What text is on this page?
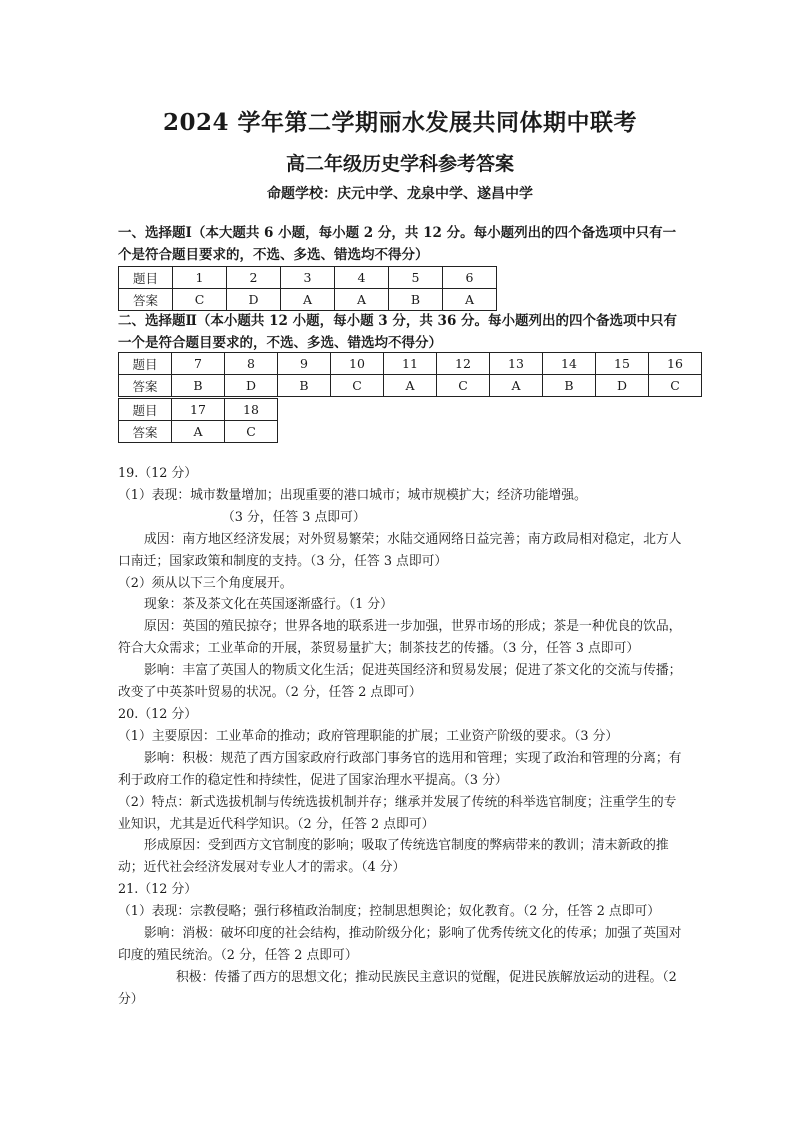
2024 学年第二学期丽水发展共同体期中联考
高二年级历史学科参考答案
命题学校：庆元中学、龙泉中学、遂昌中学
一、选择题Ⅰ（本大题共 6 小题，每小题 2 分，共 12 分。每小题列出的四个备选项中只有一个是符合题目要求的，不选、多选、错选均不得分）
题目	1	2	3	4	5	6
答案	C	D	A	A	B	A
二、选择题Ⅱ（本小题共 12 小题，每小题 3 分，共 36 分。每小题列出的四个备选项中只有一个是符合题目要求的，不选、多选、错选均不得分）
题目	7	8	9	10	11	12	13	14	15	16
答案	B	D	B	C	A	C	A	B	D	C
题目	17	18
答案	A	C

19.（12 分）

（1）表现：城市数量增加；出现重要的港口城市；城市规模扩大；经济功能增强。

（3 分，任答 3 点即可）

成因：南方地区经济发展；对外贸易繁荣；水陆交通网络日益完善；南方政局相对稳定，北方人口南迁；国家政策和制度的支持。（3 分，任答 3 点即可）

（2）须从以下三个角度展开。

现象：茶及茶文化在英国逐渐盛行。（1 分）

原因：英国的殖民掠夺；世界各地的联系进一步加强，世界市场的形成；茶是一种优良的饮品，符合大众需求；工业革命的开展，茶贸易量扩大；制茶技艺的传播。（3 分，任答 3 点即可）

影响：丰富了英国人的物质文化生活；促进英国经济和贸易发展；促进了茶文化的交流与传播；改变了中英茶叶贸易的状况。（2 分，任答 2 点即可）

20.（12 分）

（1）主要原因：工业革命的推动；政府管理职能的扩展；工业资产阶级的要求。（3 分）

影响：积极：规范了西方国家政府行政部门事务官的选用和管理；实现了政治和管理的分离；有利于政府工作的稳定性和持续性，促进了国家治理水平提高。（3 分）

（2）特点：新式选拔机制与传统选拔机制并存；继承并发展了传统的科举选官制度；注重学生的专业知识，尤其是近代科学知识。（2 分，任答 2 点即可）

形成原因：受到西方文官制度的影响；吸取了传统选官制度的弊病带来的教训；清末新政的推动；近代社会经济发展对专业人才的需求。（4 分）

21.（12 分）

（1）表现：宗教侵略；强行移植政治制度；控制思想舆论；奴化教育。（2 分，任答 2 点即可）

影响：消极：破坏印度的社会结构，推动阶级分化；影响了优秀传统文化的传承；加强了英国对印度的殖民统治。（2 分，任答 2 点即可）

积极：传播了西方的思想文化；推动民族民主意识的觉醒，促进民族解放运动的进程。（2 分）
